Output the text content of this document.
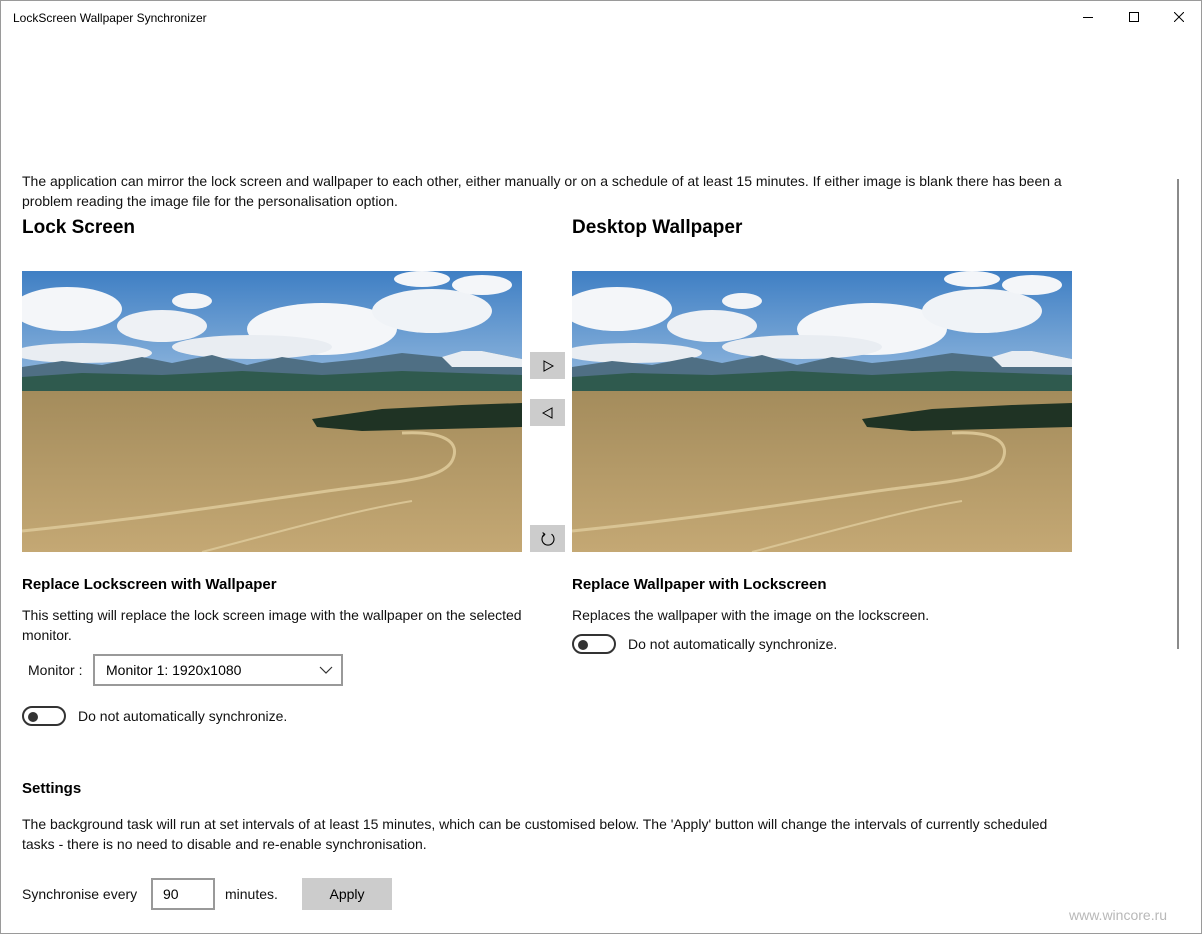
LockScreen Wallpaper Synchronizer

The application can mirror the lock screen and wallpaper to each other, either manually or on a schedule of at least 15 minutes. If either image is blank there has been a problem reading the image file for the personalisation option.

Lock Screen	Desktop Wallpaper
Replace Lockscreen with Wallpaper

This setting will replace the lock screen image with the wallpaper on the selected monitor.

Monitor : Monitor 1: 1920x1080
Do not automatically synchronize.
Replace Wallpaper with Lockscreen

Replaces the wallpaper with the image on the lockscreen.

Do not automatically synchronize.
Settings

The background task will run at set intervals of at least 15 minutes, which can be customised below. The 'Apply' button will change the intervals of currently scheduled tasks - there is no need to disable and re-enable synchronisation.

Synchronise every
90	minutes.	Apply
www.wincore.ru
